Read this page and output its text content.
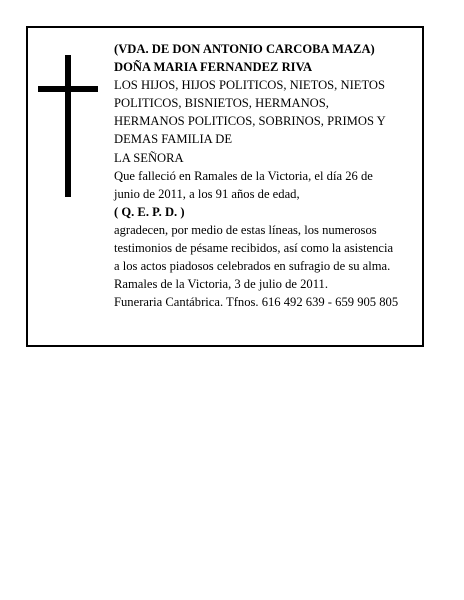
(VDA. DE DON ANTONIO CARCOBA MAZA)
DOÑA MARIA FERNANDEZ RIVA
LOS HIJOS, HIJOS POLITICOS, NIETOS, NIETOS
POLITICOS, BISNIETOS, HERMANOS,
HERMANOS POLITICOS, SOBRINOS, PRIMOS Y
DEMAS FAMILIA DE
LA SEÑORA
Que falleció en Ramales de la Victoria, el día 26 de
junio de 2011, a los 91 años de edad,
( Q. E. P. D. )
agradecen, por medio de estas líneas, los numerosos
testimonios de pésame recibidos, así como la asistencia
a los actos piadosos celebrados en sufragio de su alma.
Ramales de la Victoria, 3 de julio de 2011.
Funeraria Cantábrica. Tfnos. 616 492 639 - 659 905 805
